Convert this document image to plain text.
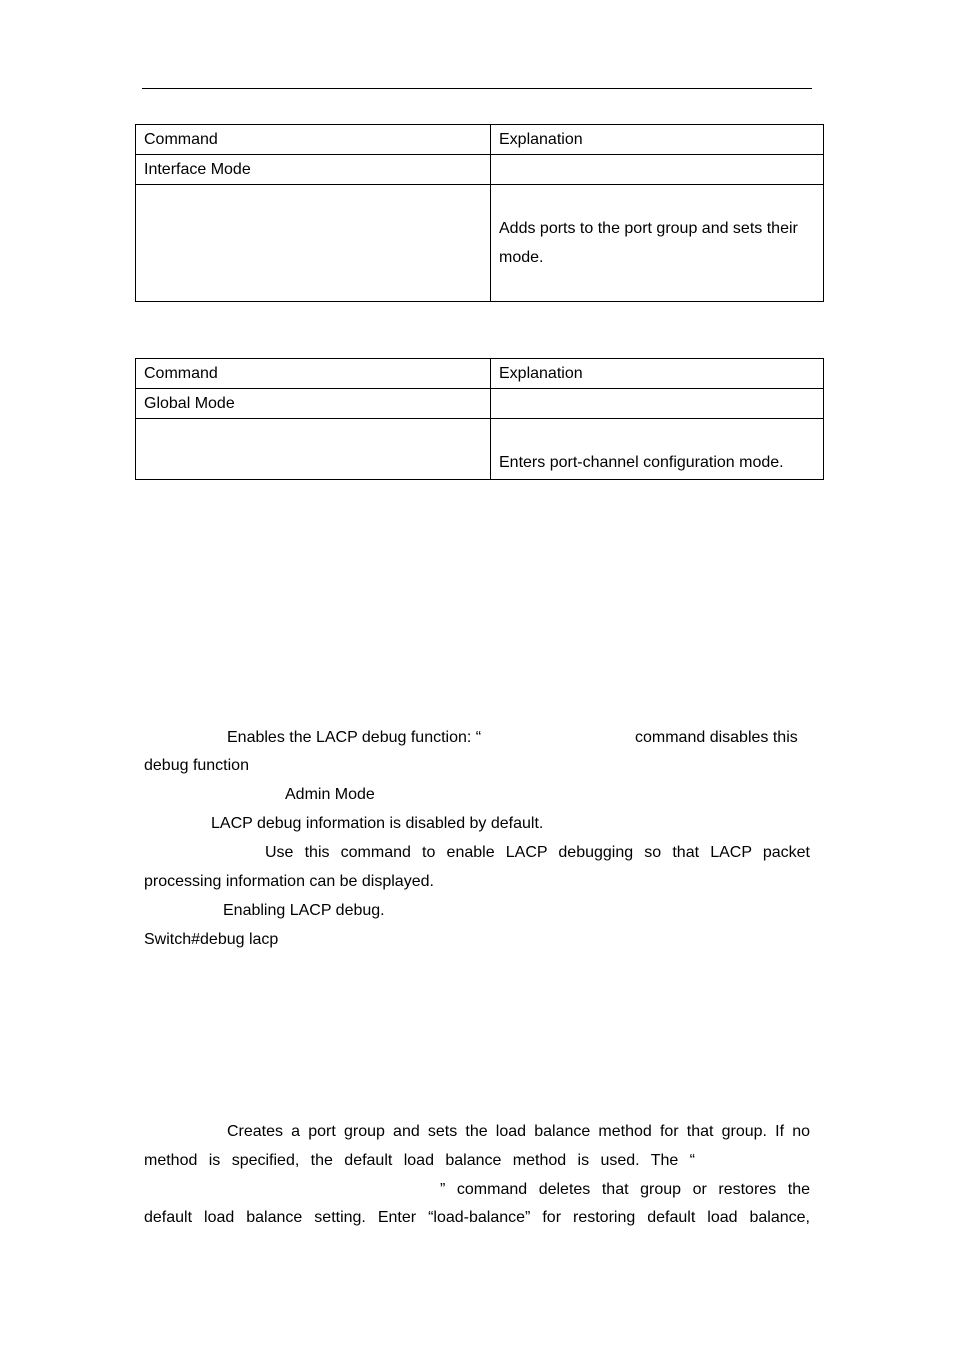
Command	Explanation
Interface Mode	

	Adds ports to the port group and sets their
mode.
Command	Explanation
Global Mode	
	Enters port-channel configuration mode.
Enables the LACP debug function: “	command disables this
debug function
Admin Mode
LACP debug information is disabled by default.
Use this command to enable LACP debugging so that LACP packet
processing information can be displayed.
Enabling LACP debug.
Switch#debug lacp
Creates a port group and sets the load balance method for that group. If no
method is specified, the default load balance method is used. The “
” command deletes that group or restores the
default load balance setting. Enter “load-balance” for restoring default load balance,
